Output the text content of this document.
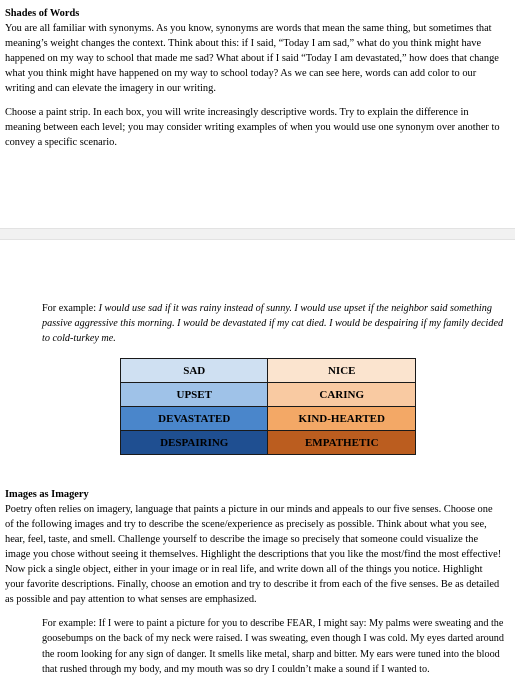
Shades of Words

You are all familiar with synonyms. As you know, synonyms are words that mean the same thing, but sometimes that meaning’s weight changes the context. Think about this: if I said, “Today I am sad,” what do you think might have happened on my way to school that made me sad? What about if I said “Today I am devastated,” how does that change what you think might have happened on my way to school today? As we can see here, words can add color to our writing and can elevate the imagery in our writing.

Choose a paint strip. In each box, you will write increasingly descriptive words. Try to explain the difference in meaning between each level; you may consider writing examples of when you would use one synonym over another to convey a specific scenario.

For example: I would use sad if it was rainy instead of sunny. I would use upset if the neighbor said something passive aggressive this morning. I would be devastated if my cat died. I would be despairing if my family decided to cold-turkey me.
SAD	NICE
UPSET	CARING
DEVASTATED	KIND-HEARTED
DESPAIRING	EMPATHETIC

Images as Imagery

Poetry often relies on imagery, language that paints a picture in our minds and appeals to our five senses. Choose one of the following images and try to describe the scene/experience as precisely as possible. Think about what you see, hear, feel, taste, and smell. Challenge yourself to describe the image so precisely that someone could visualize the image you chose without seeing it themselves. Highlight the descriptions that you like the most/find the most effective! Now pick a single object, either in your image or in real life, and write down all of the things you notice. Highlight your favorite descriptions. Finally, choose an emotion and try to describe it from each of the five senses. Be as detailed as possible and pay attention to what senses are emphasized.

For example: If I were to paint a picture for you to describe FEAR, I might say: My palms were sweating and the goosebumps on the back of my neck were raised. I was sweating, even though I was cold. My eyes darted around the room looking for any sign of danger. It smells like metal, sharp and bitter. My ears were tuned into the blood that rushed through my body, and my mouth was so dry I couldn’t make a sound if I wanted to.
